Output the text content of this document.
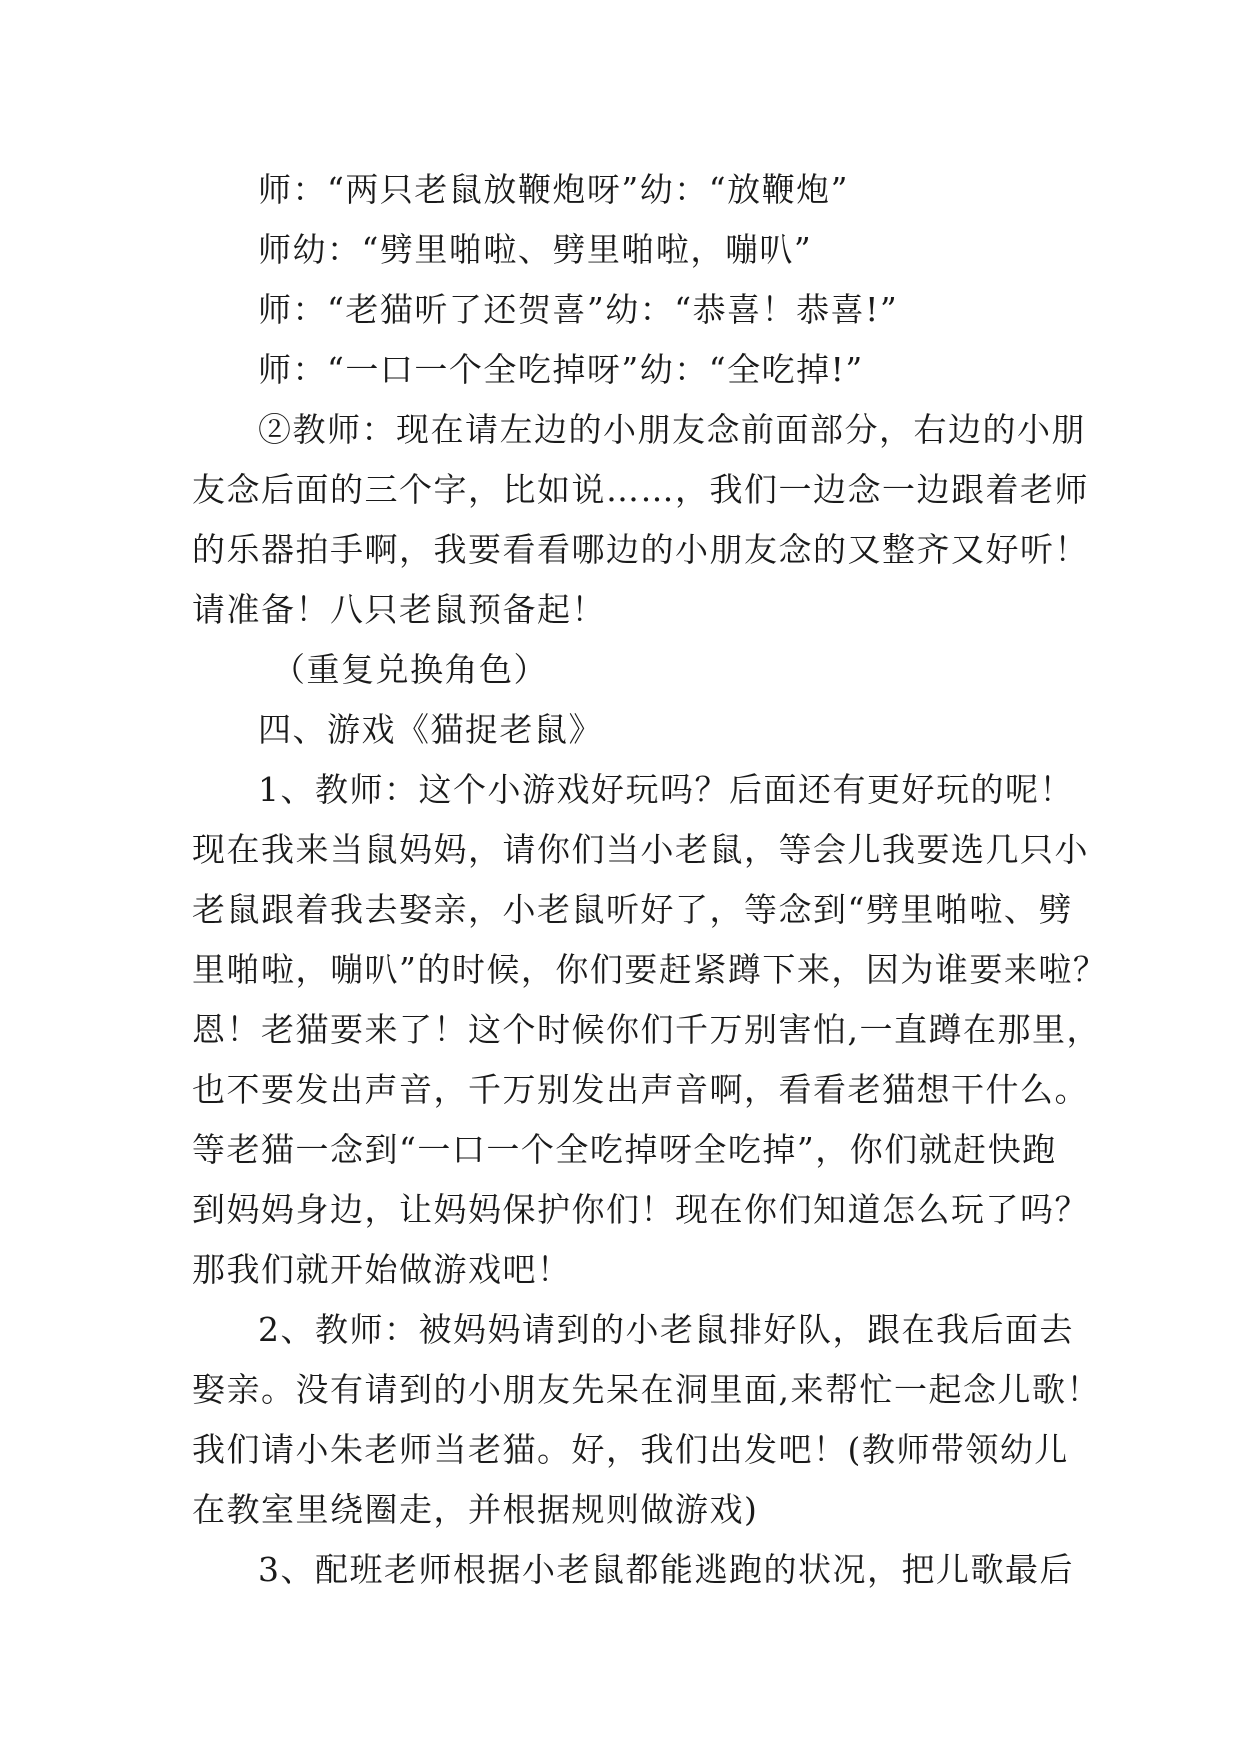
师：“两只老鼠放鞭炮呀”幼：“放鞭炮”
师幼：“劈里啪啦、劈里啪啦，嘣叭”
师：“老猫听了还贺喜”幼：“恭喜！恭喜!”
师：“一口一个全吃掉呀”幼：“全吃掉!”
②教师：现在请左边的小朋友念前面部分，右边的小朋
友念后面的三个字，比如说……，我们一边念一边跟着老师
的乐器拍手啊，我要看看哪边的小朋友念的又整齐又好听！
请准备！八只老鼠预备起！
（重复兑换角色）
四、游戏《猫捉老鼠》
1、教师：这个小游戏好玩吗？后面还有更好玩的呢！
现在我来当鼠妈妈，请你们当小老鼠，等会儿我要选几只小
老鼠跟着我去娶亲，小老鼠听好了，等念到“劈里啪啦、劈
里啪啦，嘣叭”的时候，你们要赶紧蹲下来，因为谁要来啦？
恩！老猫要来了！这个时候你们千万别害怕,一直蹲在那里，
也不要发出声音，千万别发出声音啊，看看老猫想干什么。
等老猫一念到“一口一个全吃掉呀全吃掉”，你们就赶快跑
到妈妈身边，让妈妈保护你们！现在你们知道怎么玩了吗？
那我们就开始做游戏吧！
2、教师：被妈妈请到的小老鼠排好队，跟在我后面去
娶亲。没有请到的小朋友先呆在洞里面,来帮忙一起念儿歌！
我们请小朱老师当老猫。好，我们出发吧！(教师带领幼儿
在教室里绕圈走，并根据规则做游戏)
3、配班老师根据小老鼠都能逃跑的状况，把儿歌最后
